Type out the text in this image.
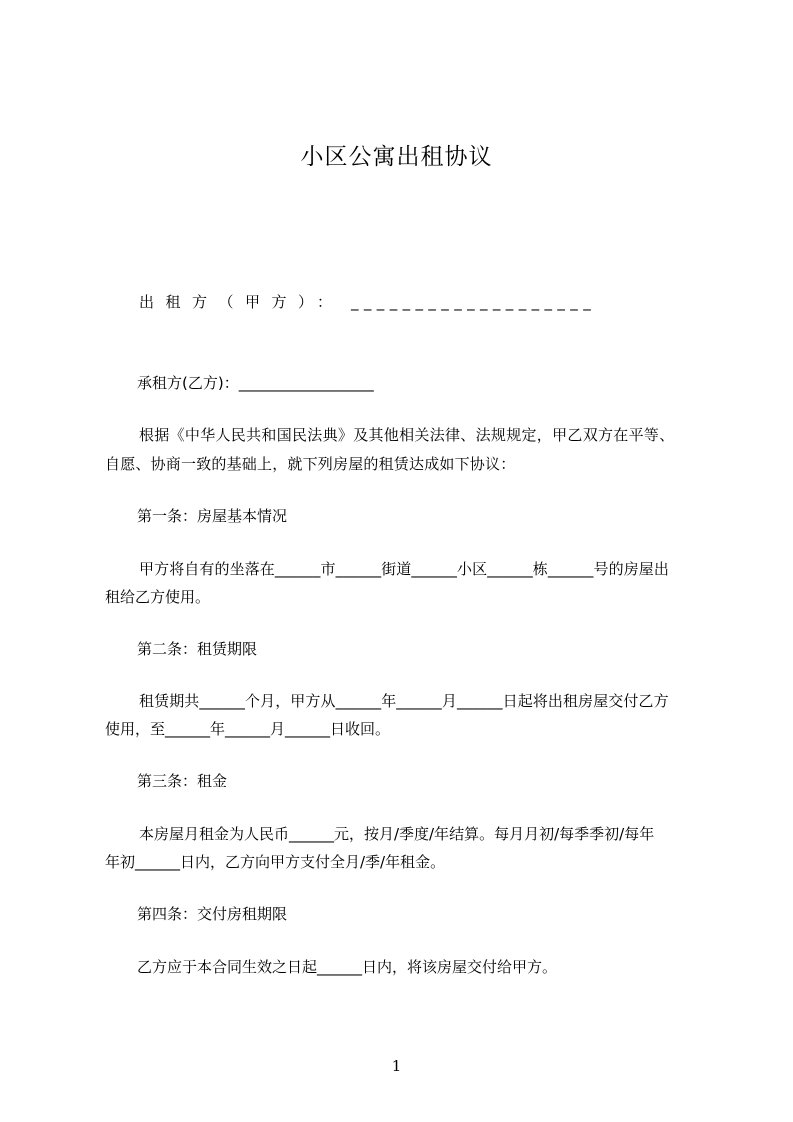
小区公寓出租协议
出租方（甲方）： ___________________
承租方(乙方)：__________________
根据《中华人民共和国民法典》及其他相关法律、法规规定，甲乙双方在平等、
自愿、协商一致的基础上，就下列房屋的租赁达成如下协议：
第一条：房屋基本情况
甲方将自有的坐落在______市______街道______小区______栋______号的房屋出
租给乙方使用。
第二条：租赁期限
租赁期共______个月，甲方从______年______月______日起将出租房屋交付乙方
使用，至______年______月______日收回。
第三条：租金
本房屋月租金为人民币______元，按月/季度/年结算。每月月初/每季季初/每年
年初______日内，乙方向甲方支付全月/季/年租金。
第四条：交付房租期限
乙方应于本合同生效之日起______日内，将该房屋交付给甲方。
1
